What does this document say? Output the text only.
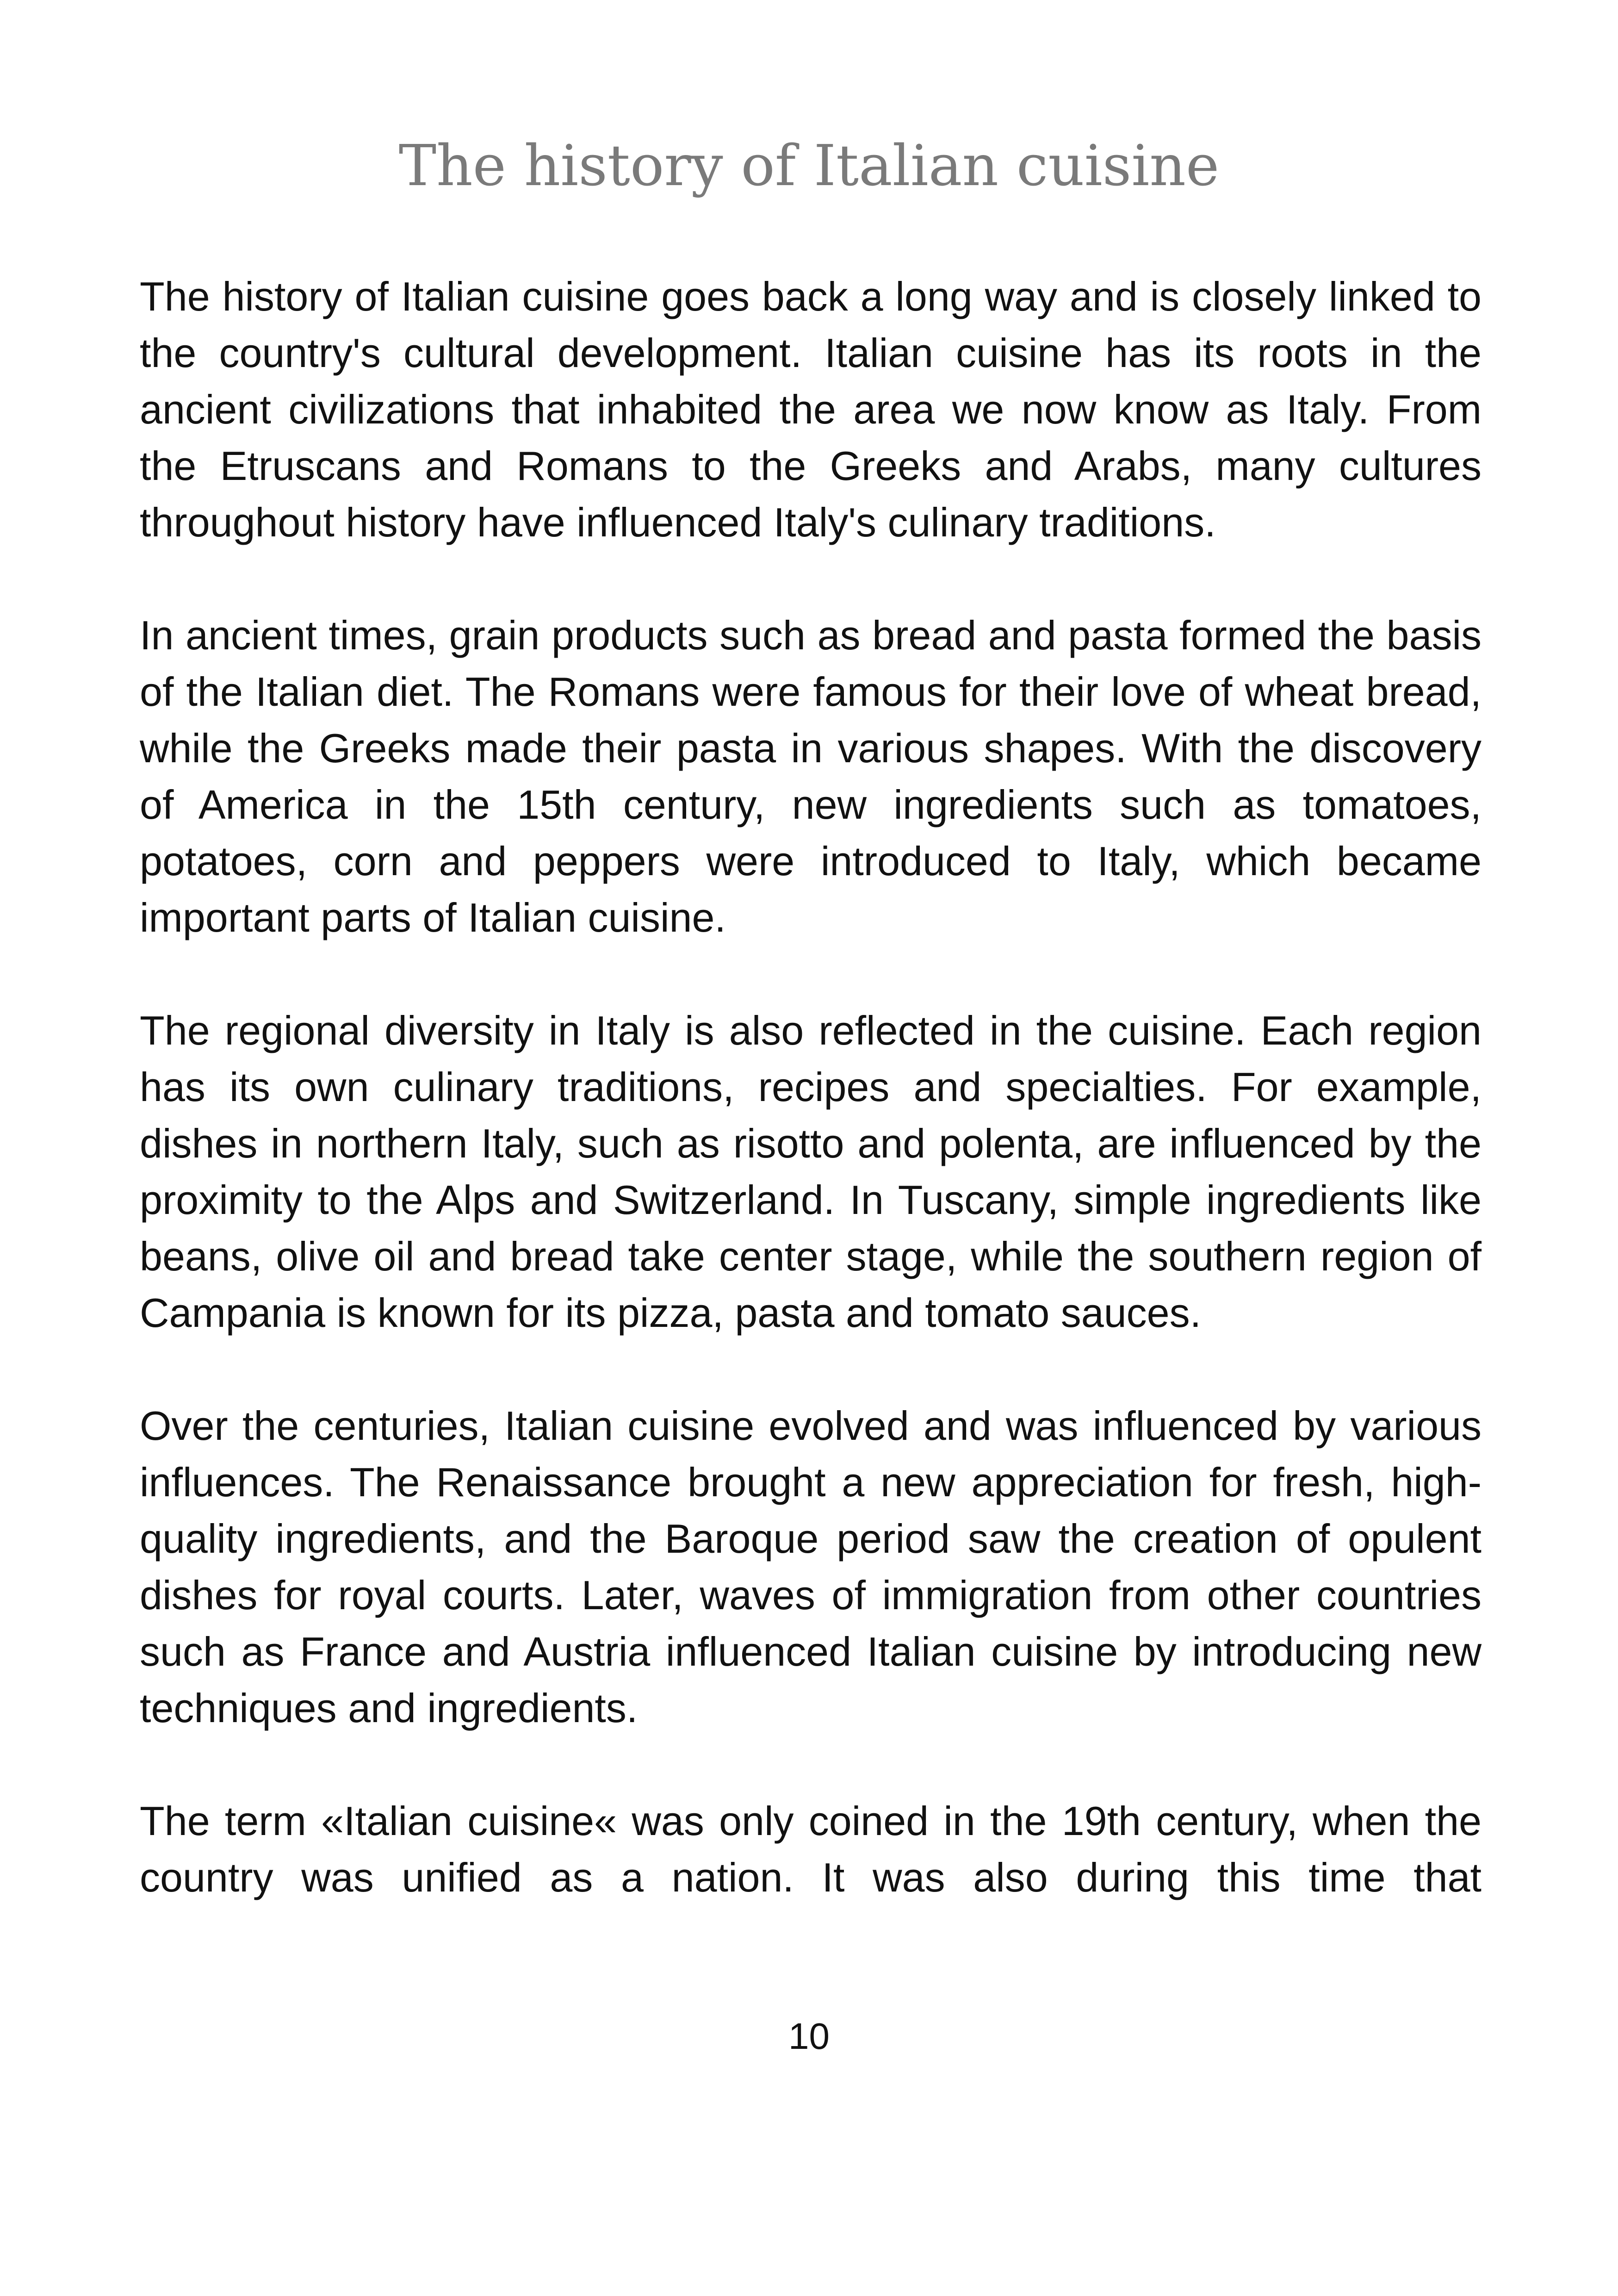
The history of Italian cuisine

The history of Italian cuisine goes back a long way and is closely linked to the country's cultural development. Italian cuisine has its roots in the ancient civilizations that inhabited the area we now know as Italy. From the Etruscans and Romans to the Greeks and Arabs, many cultures throughout history have influenced Italy's culinary traditions.

In ancient times, grain products such as bread and pasta formed the basis of the Italian diet. The Romans were famous for their love of wheat bread, while the Greeks made their pasta in various shapes. With the discovery of America in the 15th century, new ingredients such as tomatoes, potatoes, corn and peppers were introduced to Italy, which became important parts of Italian cuisine.

The regional diversity in Italy is also reflected in the cuisine. Each region has its own culinary traditions, recipes and specialties. For example, dishes in northern Italy, such as risotto and polenta, are influenced by the proximity to the Alps and Switzerland. In Tuscany, simple ingredients like beans, olive oil and bread take center stage, while the southern region of Campania is known for its pizza, pasta and tomato sauces.

Over the centuries, Italian cuisine evolved and was influenced by various influences. The Renaissance brought a new appreciation for fresh, high-quality ingredients, and the Baroque period saw the creation of opulent dishes for royal courts. Later, waves of immigration from other countries such as France and Austria influenced Italian cuisine by introducing new techniques and ingredients.

The term «Italian cuisine« was only coined in the 19th century, when the country was unified as a nation. It was also during this time that

10
